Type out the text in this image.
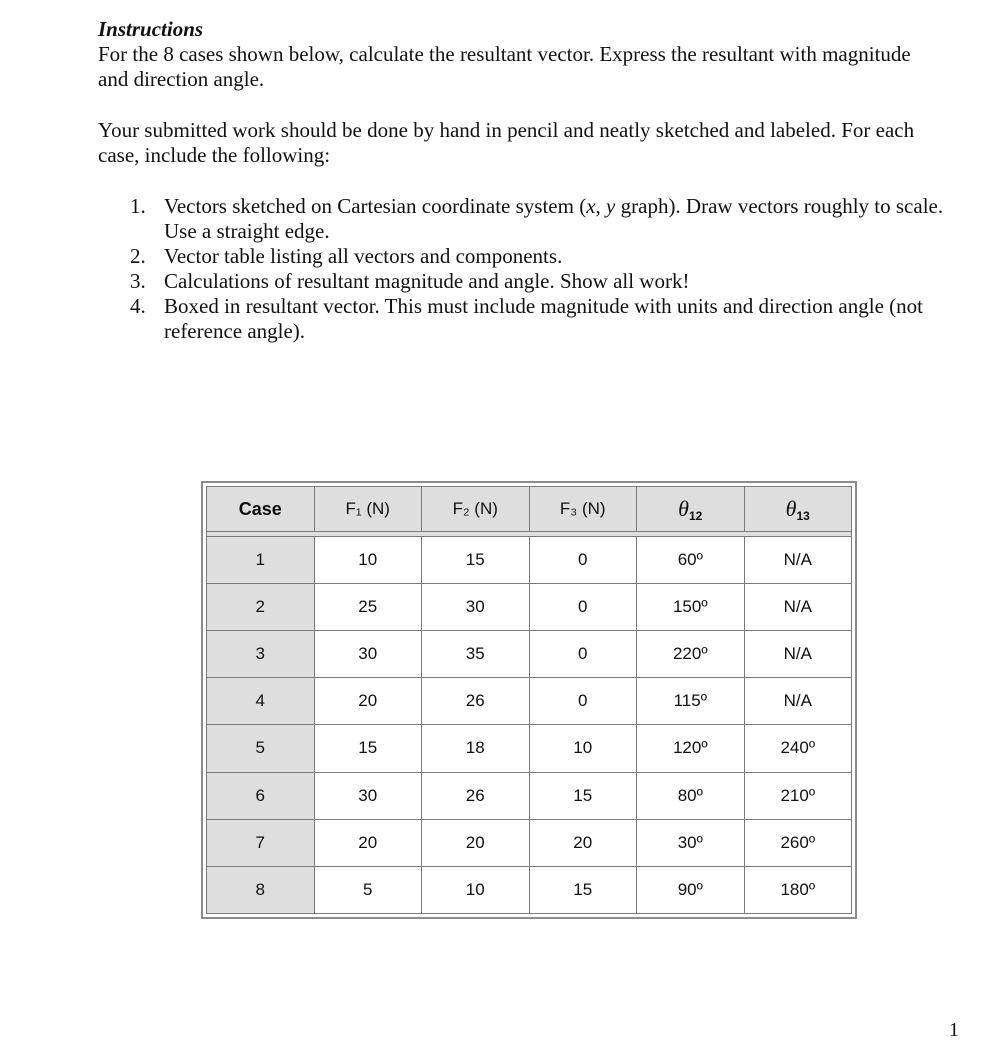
Instructions
For the 8 cases shown below, calculate the resultant vector. Express the resultant with magnitude and direction angle.
Your submitted work should be done by hand in pencil and neatly sketched and labeled. For each case, include the following:
1. Vectors sketched on Cartesian coordinate system (x, y graph). Draw vectors roughly to scale. Use a straight edge.
2. Vector table listing all vectors and components.
3. Calculations of resultant magnitude and angle. Show all work!
4. Boxed in resultant vector. This must include magnitude with units and direction angle (not reference angle).
Case	F₁ (N)	F₂ (N)	F₃ (N)	$\theta_{12}$	$\theta_{13}$

1	10	15	0	60º	N/A
2	25	30	0	150º	N/A
3	30	35	0	220º	N/A
4	20	26	0	115º	N/A
5	15	18	10	120º	240º
6	30	26	15	80º	210º
7	20	20	20	30º	260º
8	5	10	15	90º	180º
1
